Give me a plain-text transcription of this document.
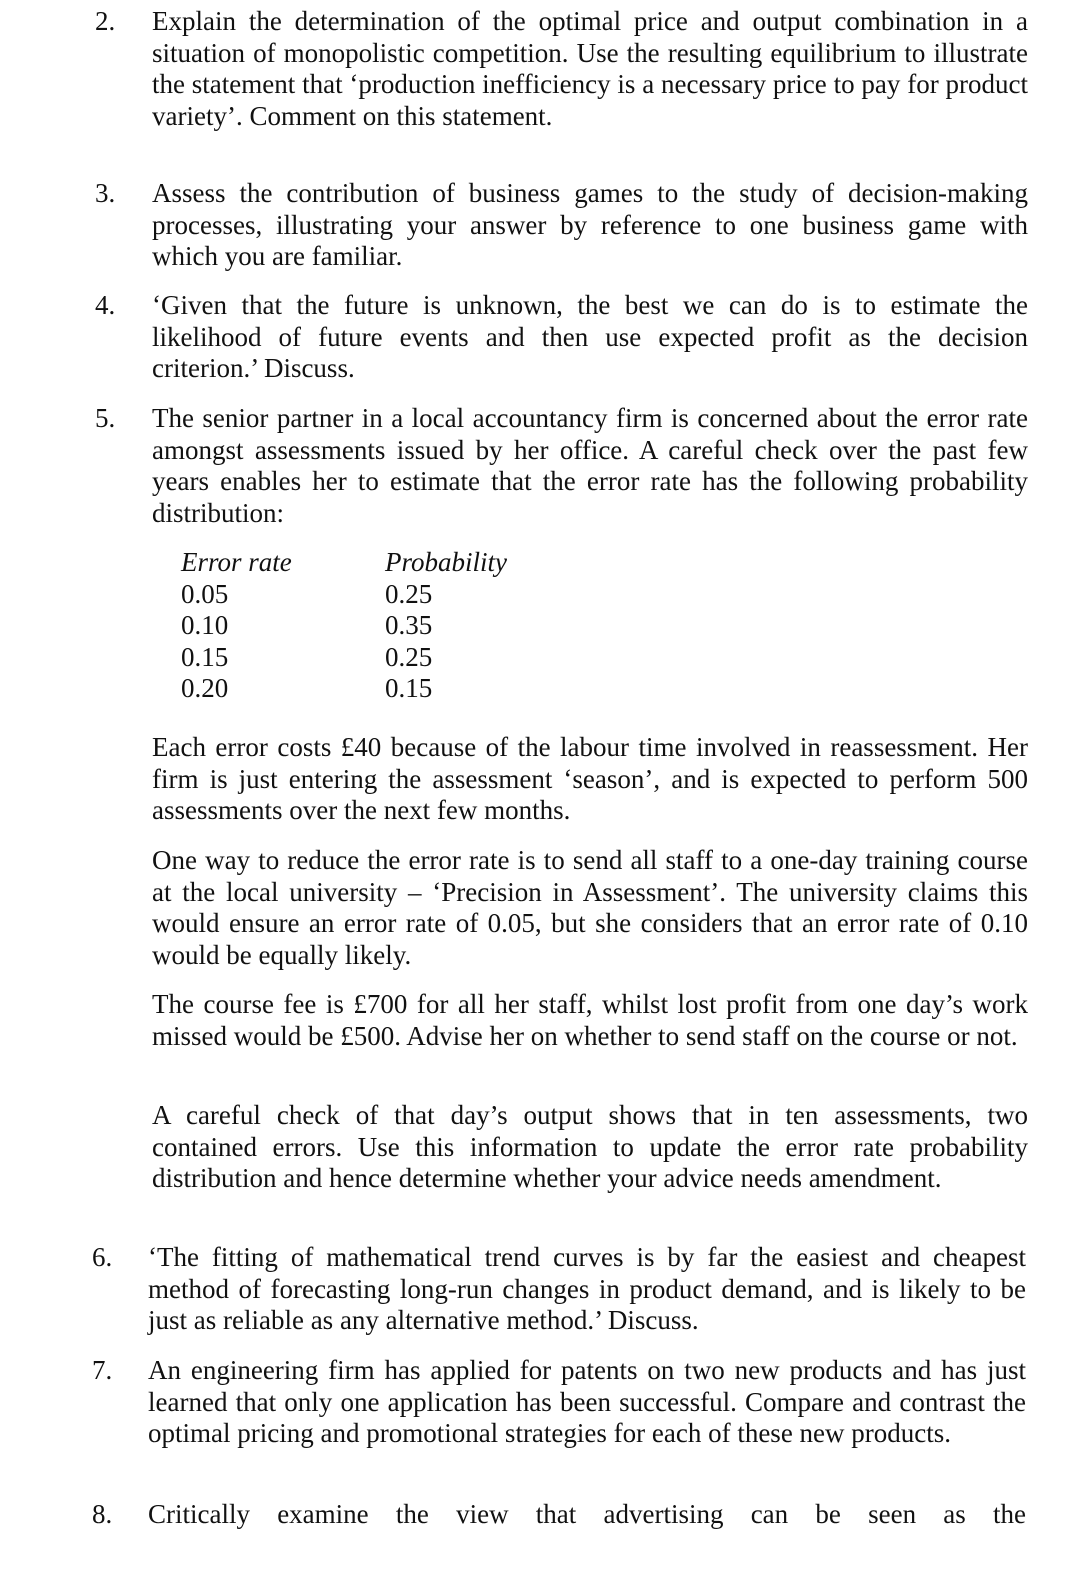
2. Explain the determination of the optimal price and output combination in a situation of monopolistic competition. Use the resulting equilibrium to illustrate the statement that ‘production inefficiency is a necessary price to pay for product variety’. Comment on this statement.

3. Assess the contribution of business games to the study of decision-making processes, illustrating your answer by reference to one business game with which you are familiar.

4. ‘Given that the future is unknown, the best we can do is to estimate the likelihood of future events and then use expected profit as the decision criterion.’ Discuss.

5. The senior partner in a local accountancy firm is concerned about the error rate amongst assessments issued by her office. A careful check over the past few years enables her to estimate that the error rate has the following probability distribution:

Error rate
0.05
0.10
0.15
0.20
Probability
0.25
0.35
0.25
0.15

Each error costs £40 because of the labour time involved in reassessment. Her firm is just entering the assessment ‘season’, and is expected to perform 500 assessments over the next few months.

One way to reduce the error rate is to send all staff to a one-day training course at the local university – ‘Precision in Assessment’. The university claims this would ensure an error rate of 0.05, but she considers that an error rate of 0.10 would be equally likely.

The course fee is £700 for all her staff, whilst lost profit from one day’s work missed would be £500. Advise her on whether to send staff on the course or not.

A careful check of that day’s output shows that in ten assessments, two contained errors. Use this information to update the error rate probability distribution and hence determine whether your advice needs amendment.

6. ‘The fitting of mathematical trend curves is by far the easiest and cheapest method of forecasting long-run changes in product demand, and is likely to be just as reliable as any alternative method.’ Discuss.

7. An engineering firm has applied for patents on two new products and has just learned that only one application has been successful. Compare and contrast the optimal pricing and promotional strategies for each of these new products.

8. Critically examine the view that advertising can be seen as the
